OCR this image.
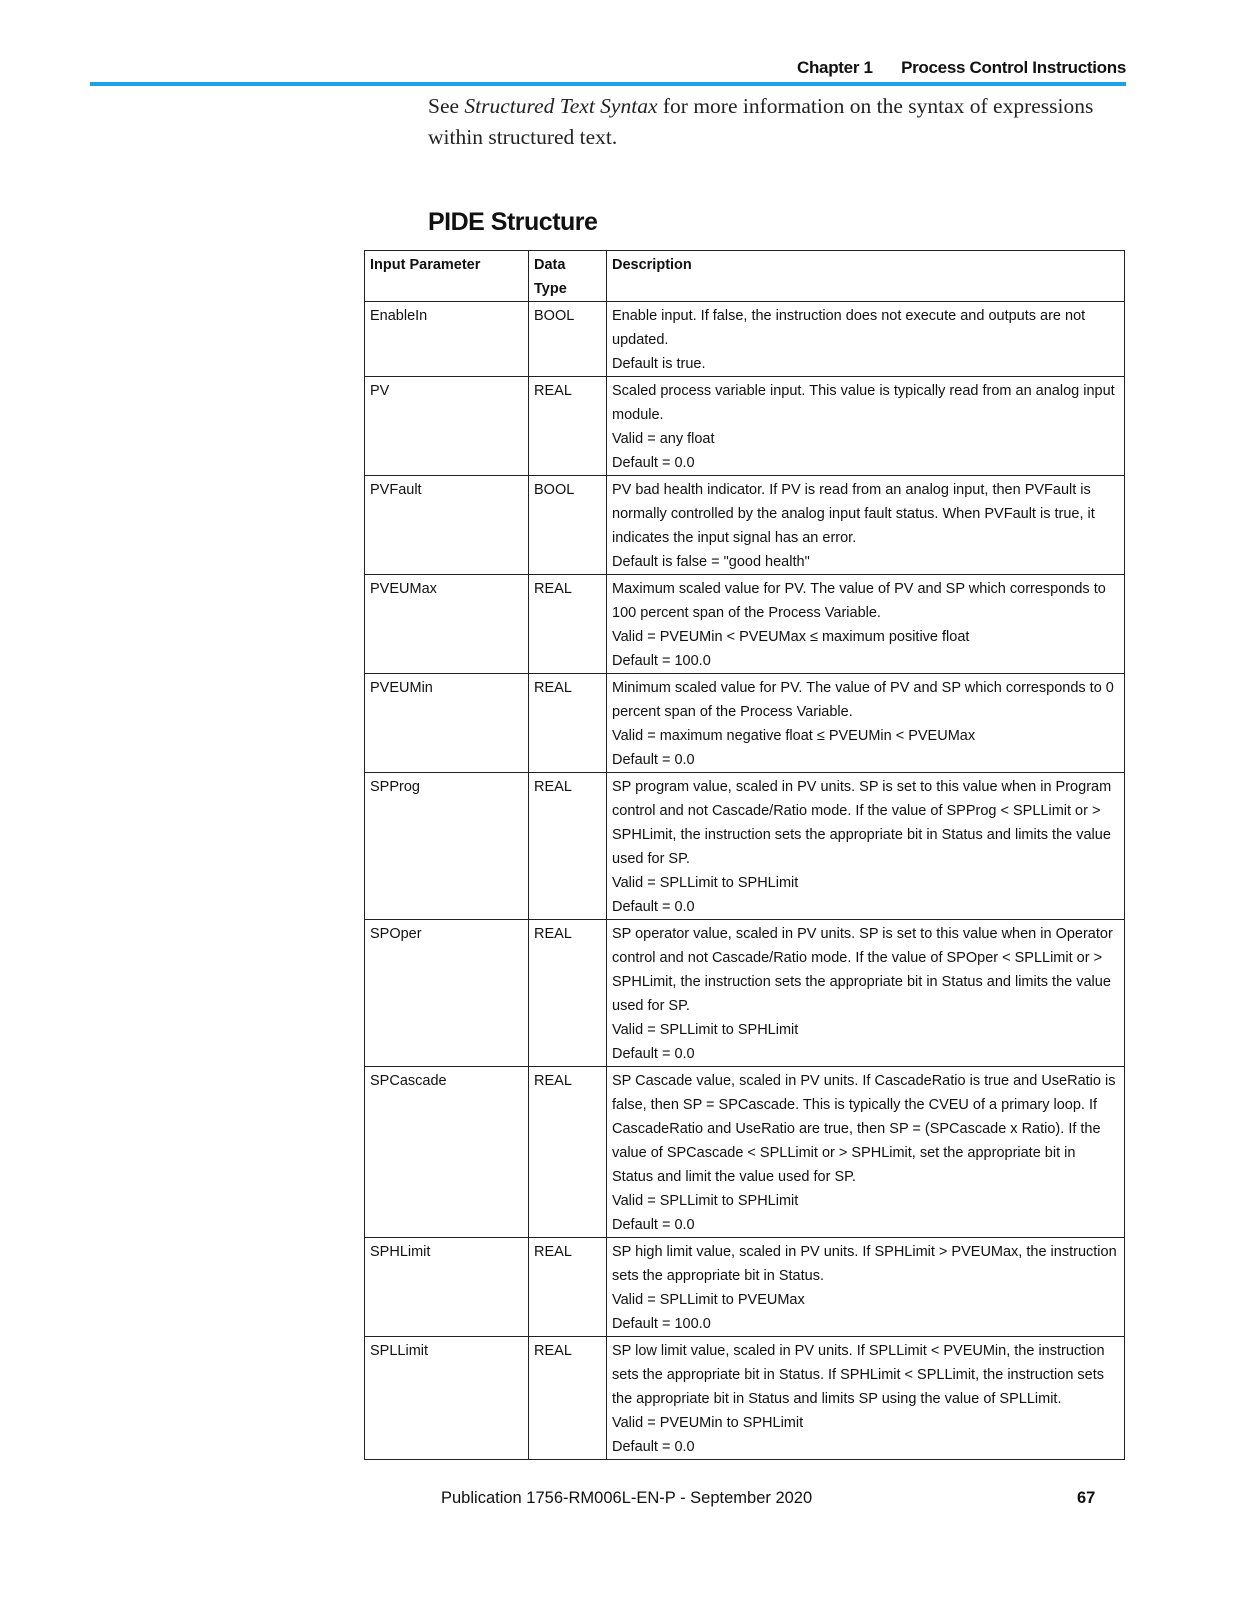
Chapter 1 Process Control Instructions

See Structured Text Syntax for more information on the syntax of expressions within structured text.

PIDE Structure
Input Parameter	Data Type	Description
EnableIn	BOOL	Enable input. If false, the instruction does not execute and outputs are not updated.
Default is true.

PV	REAL	Scaled process variable input. This value is typically read from an analog input module.
Valid = any float
Default = 0.0

PVFault	BOOL	PV bad health indicator. If PV is read from an analog input, then PVFault is normally controlled by the analog input fault status. When PVFault is true, it indicates the input signal has an error.
Default is false = "good health"

PVEUMax	REAL	Maximum scaled value for PV. The value of PV and SP which corresponds to 100 percent span of the Process Variable.
Valid = PVEUMin < PVEUMax ≤ maximum positive float
Default = 100.0

PVEUMin	REAL	Minimum scaled value for PV. The value of PV and SP which corresponds to 0 percent span of the Process Variable.
Valid = maximum negative float ≤ PVEUMin < PVEUMax
Default = 0.0

SPProg	REAL	SP program value, scaled in PV units. SP is set to this value when in Program control and not Cascade/Ratio mode. If the value of SPProg < SPLLimit or > SPHLimit, the instruction sets the appropriate bit in Status and limits the value used for SP.
Valid = SPLLimit to SPHLimit
Default = 0.0

SPOper	REAL	SP operator value, scaled in PV units. SP is set to this value when in Operator control and not Cascade/Ratio mode. If the value of SPOper < SPLLimit or > SPHLimit, the instruction sets the appropriate bit in Status and limits the value used for SP.
Valid = SPLLimit to SPHLimit
Default = 0.0

SPCascade	REAL	SP Cascade value, scaled in PV units. If CascadeRatio is true and UseRatio is false, then SP = SPCascade. This is typically the CVEU of a primary loop. If CascadeRatio and UseRatio are true, then SP = (SPCascade x Ratio). If the value of SPCascade < SPLLimit or > SPHLimit, set the appropriate bit in Status and limit the value used for SP.
Valid = SPLLimit to SPHLimit
Default = 0.0

SPHLimit	REAL	SP high limit value, scaled in PV units. If SPHLimit > PVEUMax, the instruction sets the appropriate bit in Status.
Valid = SPLLimit to PVEUMax
Default = 100.0

SPLLimit	REAL	SP low limit value, scaled in PV units. If SPLLimit < PVEUMin, the instruction sets the appropriate bit in Status. If SPHLimit < SPLLimit, the instruction sets the appropriate bit in Status and limits SP using the value of SPLLimit.
Valid = PVEUMin to SPHLimit
Default = 0.0
Publication 1756-RM006L-EN-P - September 2020	67
